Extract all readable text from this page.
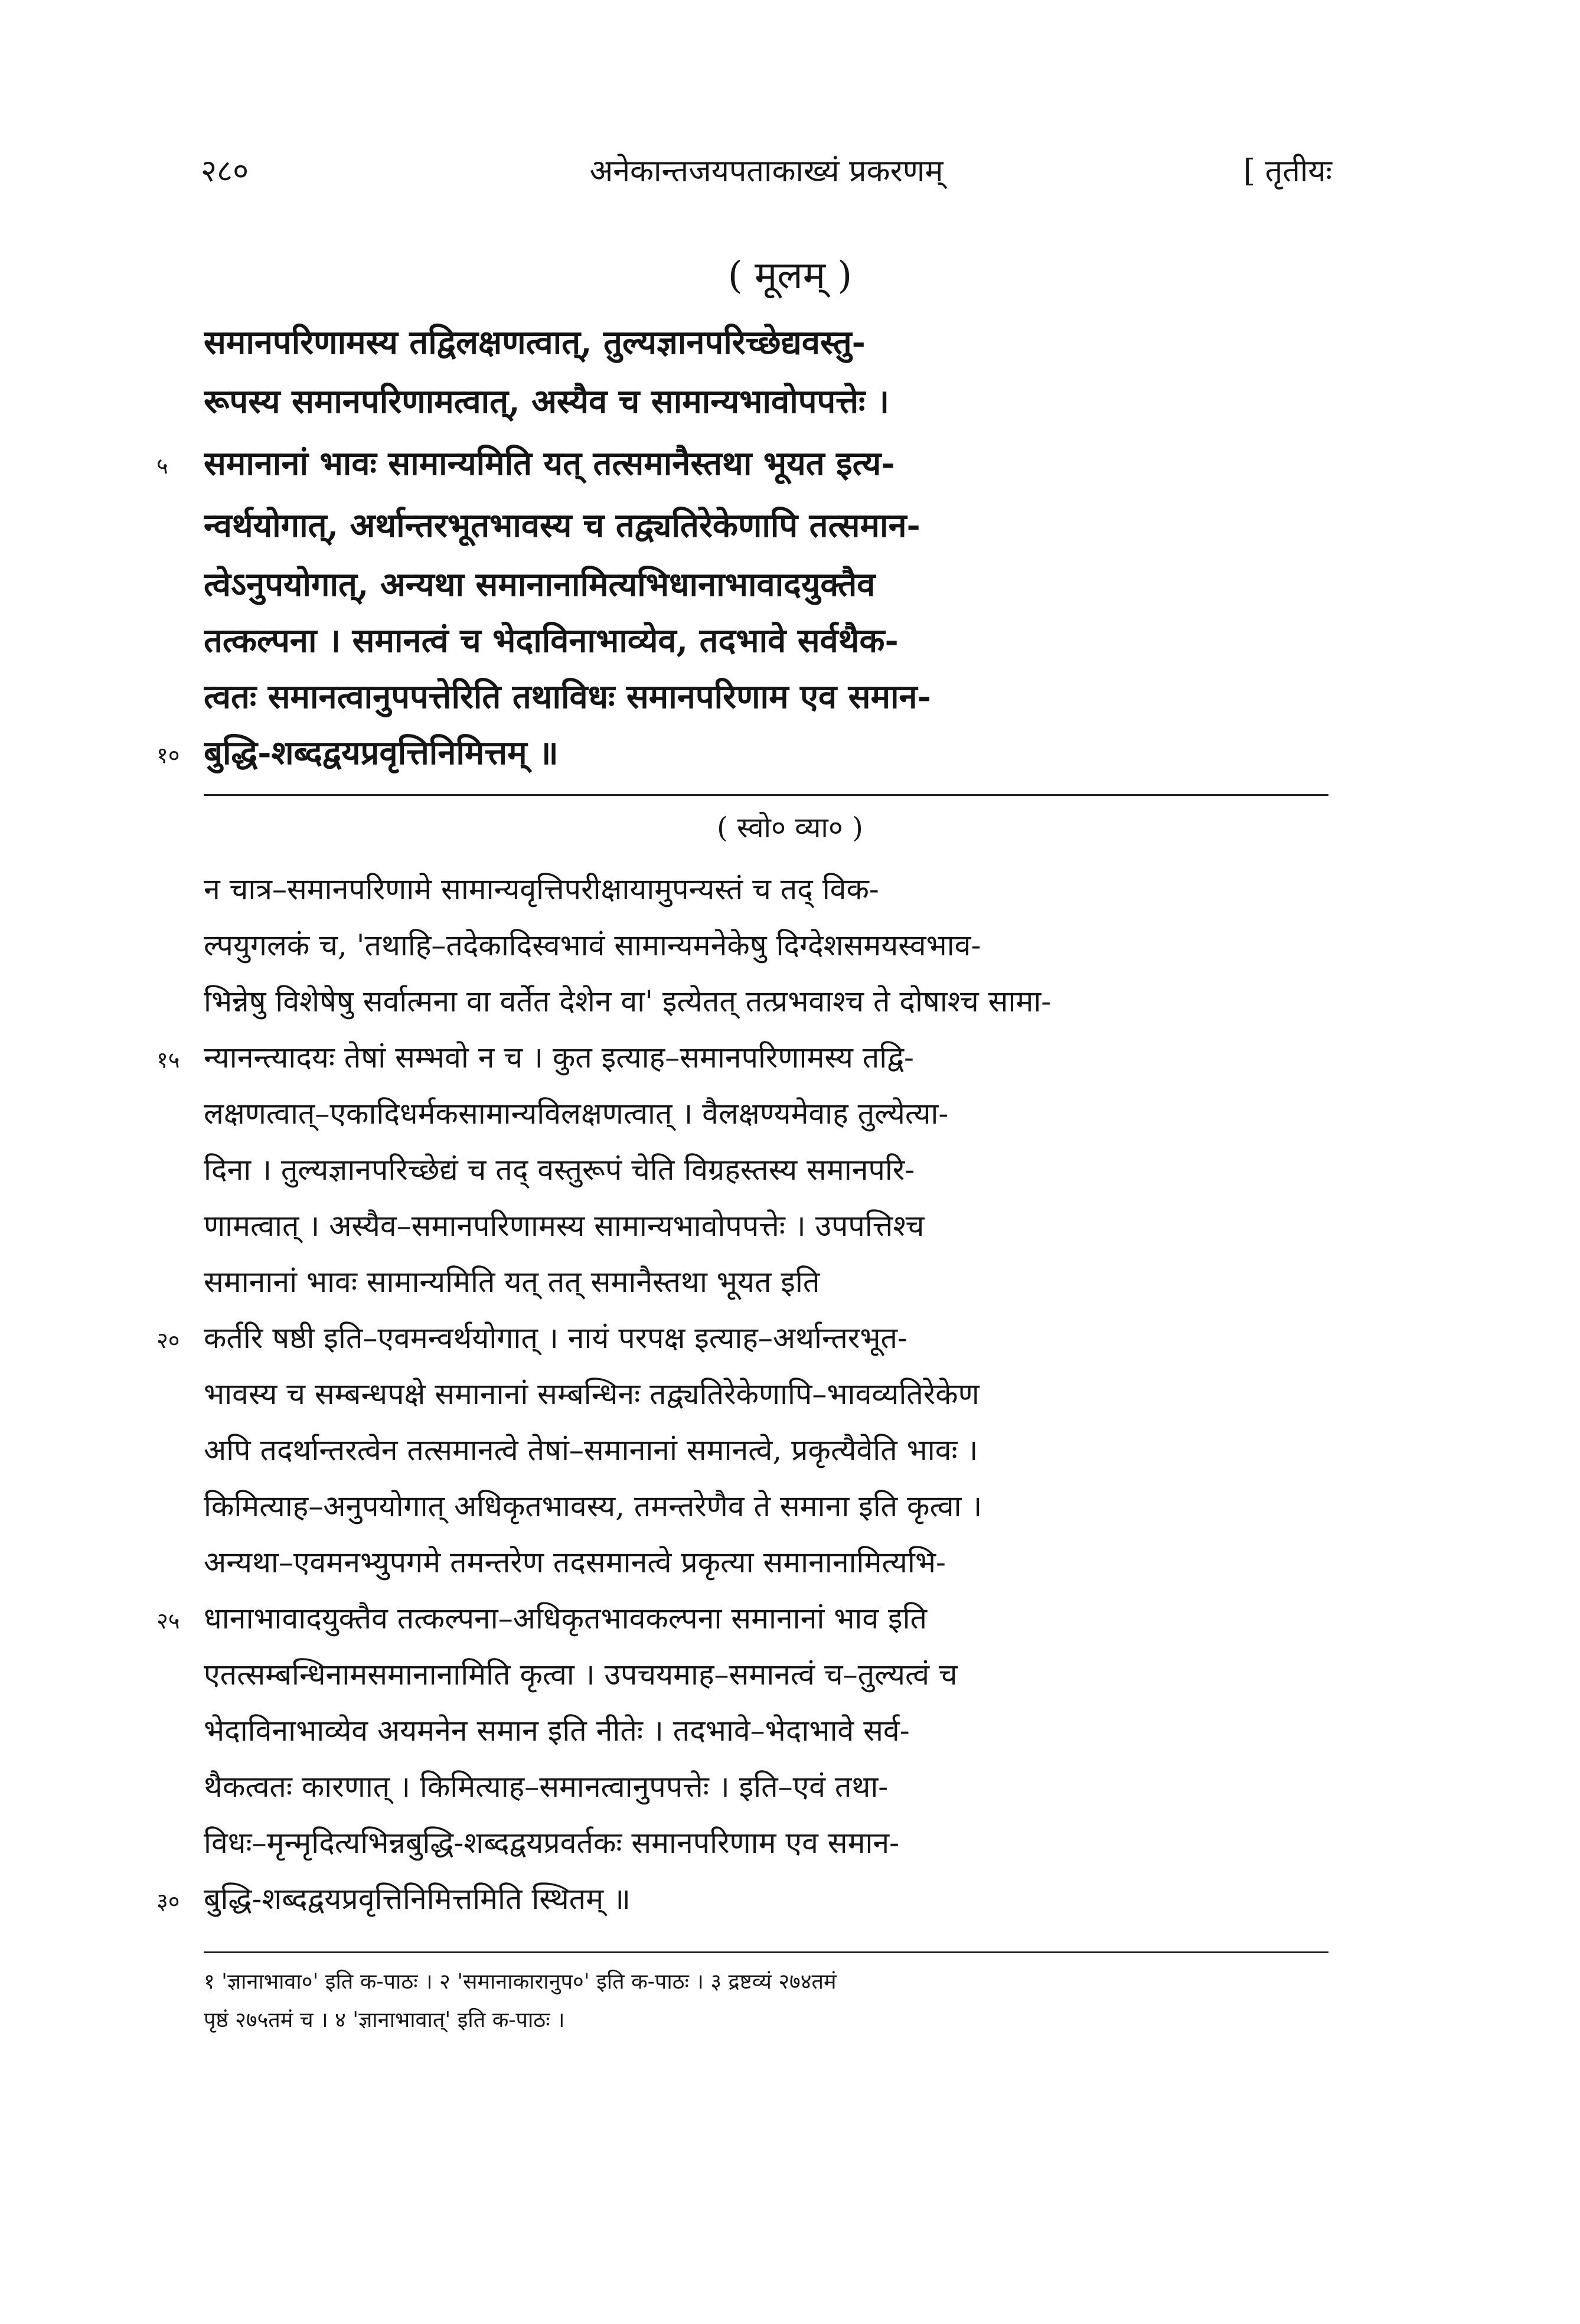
२८०	अनेकान्तजयपताकाख्यं प्रकरणम्	[ तृतीयः
( मूलम् )
समानपरिणामस्य तद्विलक्षणत्वात्, तुल्यज्ञानपरिच्छेद्यवस्तु-
रूपस्य समानपरिणामत्वात्, अस्यैव च सामान्यभावोपपत्तेः ।
५	समानानां भावः सामान्यमिति यत् तत्समानैस्तथा भूयत इत्य-
न्वर्थयोगात्, अर्थान्तरभूतभावस्य च तद्व्यतिरेकेणापि तत्समान-
त्वेऽनुपयोगात्, अन्यथा समानानामित्यभिधानाभावादयुक्तैव
तत्कल्पना । समानत्वं च भेदाविनाभाव्येव, तदभावे सर्वथैक-
त्वतः समानत्वानुपपत्तेरिति तथाविधः समानपरिणाम एव समान-
१० बुद्धि-शब्दद्वयप्रवृत्तिनिमित्तम् ॥
( स्वो० व्या० )
न चात्र–समानपरिणामे सामान्यवृत्तिपरीक्षायामुपन्यस्तं च तद् विक-
ल्पयुगलकं च, 'तथाहि–तदेकादिस्वभावं सामान्यमनेकेषु दिग्देशसमयस्वभाव-
भिन्नेषु विशेषेषु सर्वात्मना वा वर्तेत देशेन वा' इत्येतत् तत्प्रभवाश्च ते दोषाश्च सामा-
१५ न्यानन्त्यादयः तेषां सम्भवो न च । कुत इत्याह–समानपरिणामस्य तद्वि-
लक्षणत्वात्–एकादिधर्मकसामान्यविलक्षणत्वात् । वैलक्षण्यमेवाह तुल्येत्या-
दिना । तुल्यज्ञानपरिच्छेद्यं च तद् वस्तुरूपं चेति विग्रहस्तस्य समानपरि-
णामत्वात् । अस्यैव–समानपरिणामस्य सामान्यभावोपपत्तेः । उपपत्तिश्च
समानानां भावः सामान्यमिति यत् तत् समानैस्तथा भूयत इति
२० कर्तरि षष्ठी इति–एवमन्वर्थयोगात् । नायं परपक्ष इत्याह–अर्थान्तरभूत-
भावस्य च सम्बन्धपक्षे समानानां सम्बन्धिनः तद्व्यतिरेकेणापि–भावव्यतिरेकेण
अपि तदर्थान्तरत्वेन तत्समानत्वे तेषां–समानानां समानत्वे, प्रकृत्यैवेति भावः ।
किमित्याह–अनुपयोगात् अधिकृतभावस्य, तमन्तरेणैव ते समाना इति कृत्वा ।
अन्यथा–एवमनभ्युपगमे तमन्तरेण तदसमानत्वे प्रकृत्या समानानामित्यभि-
२५ धानाभावादयुक्तैव तत्कल्पना–अधिकृतभावकल्पना समानानां भाव इति
एतत्सम्बन्धिनामसमानानामिति कृत्वा । उपचयमाह–समानत्वं च–तुल्यत्वं च
भेदाविनाभाव्येव अयमनेन समान इति नीतेः । तदभावे–भेदाभावे सर्व-
थैकत्वतः कारणात् । किमित्याह–समानत्वानुपपत्तेः । इति–एवं तथा-
विधः–मृन्मृदित्यभिन्नबुद्धि-शब्दद्वयप्रवर्तकः समानपरिणाम एव समान-
३० बुद्धि-शब्दद्वयप्रवृत्तिनिमित्तमिति स्थितम् ॥
१ 'ज्ञानाभावा०' इति क-पाठः । २ 'समानाकारानुप०' इति क-पाठः । ३ द्रष्टव्यं २७४तमं
पृष्ठं २७५तमं च । ४ 'ज्ञानाभावात्' इति क-पाठः ।
